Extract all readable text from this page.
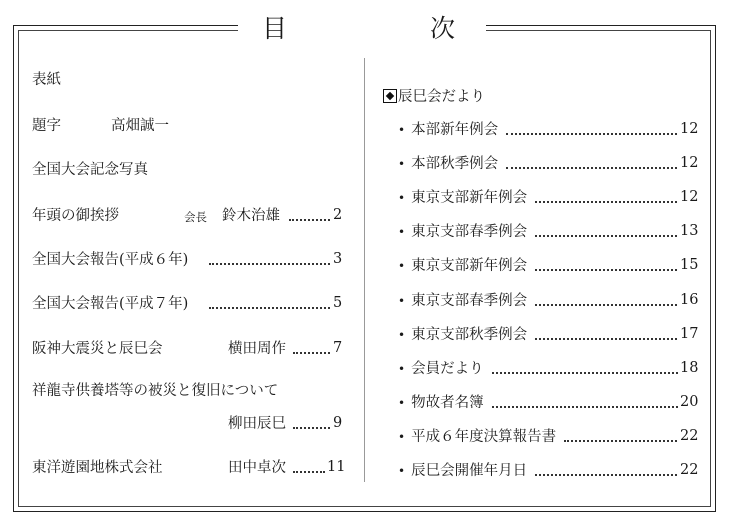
目	次
表紙
題字	高畑誠一
全国大会記念写真
年頭の御挨拶	会長 鈴木治雄	2
全国大会報告(平成６年)	3
全国大会報告(平成７年)	5
阪神大震災と辰巳会	横田周作	7
祥龍寺供養塔等の被災と復旧について
柳田辰巳	9
東洋遊園地株式会社	田中卓次	11
辰巳会だより
• 本部新年例会	12
• 本部秋季例会	12
• 東京支部新年例会	12
• 東京支部春季例会	13
• 東京支部新年例会	15
• 東京支部春季例会	16
• 東京支部秋季例会	17
• 会員だより	18
• 物故者名簿	20
• 平成６年度決算報告書	22
• 辰巳会開催年月日	22
